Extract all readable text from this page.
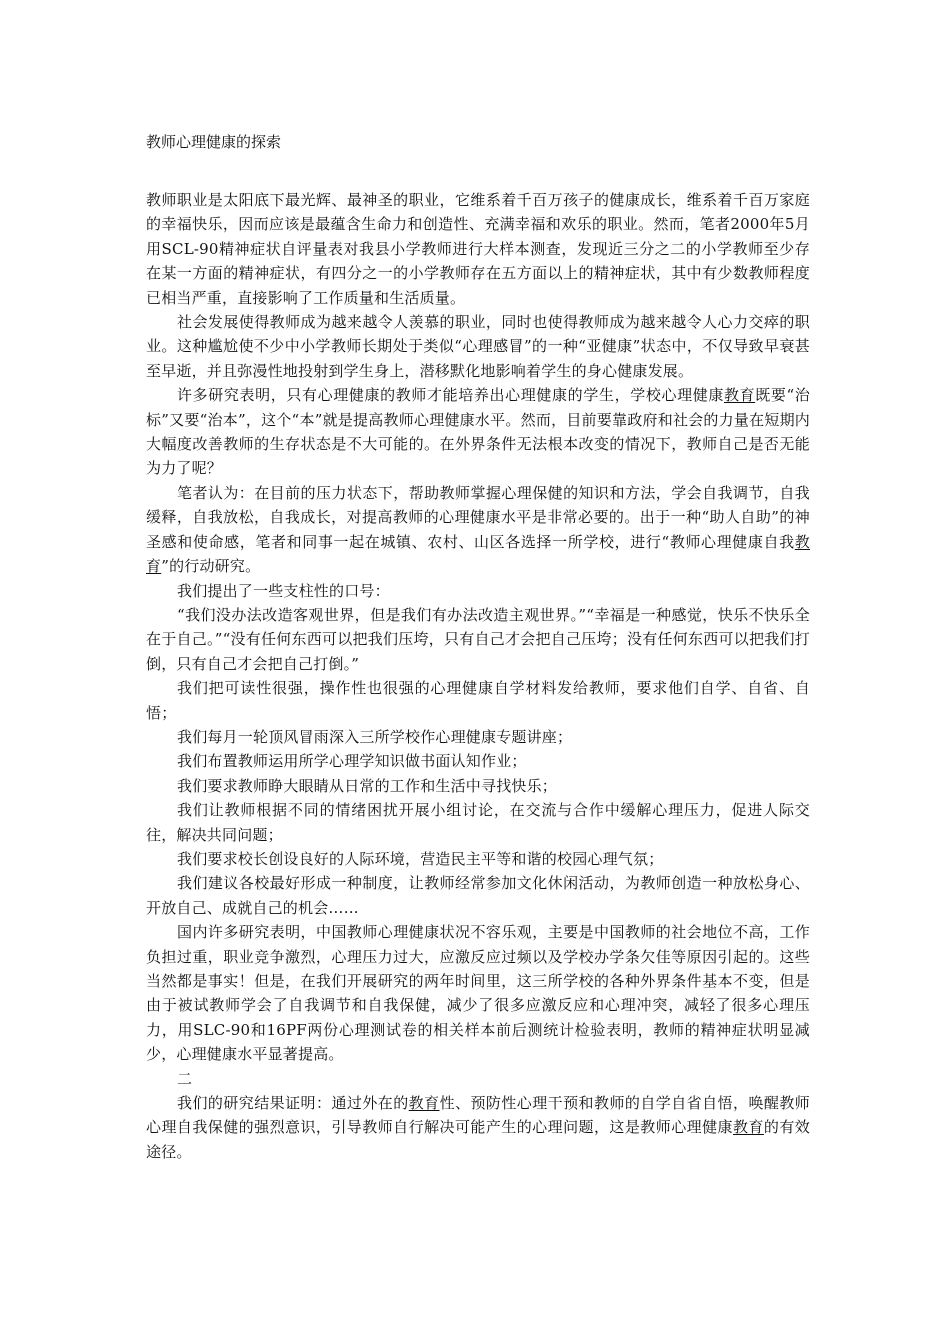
教师心理健康的探索

教师职业是太阳底下最光辉、最神圣的职业，它维系着千百万孩子的健康成长，维系着千百万家庭的幸福快乐，因而应该是最蕴含生命力和创造性、充满幸福和欢乐的职业。然而，笔者2000年5月用SCL-90精神症状自评量表对我县小学教师进行大样本测查，发现近三分之二的小学教师至少存在某一方面的精神症状，有四分之一的小学教师存在五方面以上的精神症状，其中有少数教师程度已相当严重，直接影响了工作质量和生活质量。

社会发展使得教师成为越来越令人羡慕的职业，同时也使得教师成为越来越令人心力交瘁的职业。这种尴尬使不少中小学教师长期处于类似“心理感冒”的一种“亚健康”状态中，不仅导致早衰甚至早逝，并且弥漫性地投射到学生身上，潜移默化地影响着学生的身心健康发展。

许多研究表明，只有心理健康的教师才能培养出心理健康的学生，学校心理健康教育既要“治标”又要“治本”，这个“本”就是提高教师心理健康水平。然而，目前要靠政府和社会的力量在短期内大幅度改善教师的生存状态是不大可能的。在外界条件无法根本改变的情况下，教师自己是否无能为力了呢？

笔者认为：在目前的压力状态下，帮助教师掌握心理保健的知识和方法，学会自我调节，自我缓释，自我放松，自我成长，对提高教师的心理健康水平是非常必要的。出于一种“助人自助”的神圣感和使命感，笔者和同事一起在城镇、农村、山区各选择一所学校，进行“教师心理健康自我教育”的行动研究。

我们提出了一些支柱性的口号：

“我们没办法改造客观世界，但是我们有办法改造主观世界。”“幸福是一种感觉，快乐不快乐全在于自己。”“没有任何东西可以把我们压垮，只有自己才会把自己压垮；没有任何东西可以把我们打倒，只有自己才会把自己打倒。”

我们把可读性很强，操作性也很强的心理健康自学材料发给教师，要求他们自学、自省、自悟；

我们每月一轮顶风冒雨深入三所学校作心理健康专题讲座；

我们布置教师运用所学心理学知识做书面认知作业；

我们要求教师睁大眼睛从日常的工作和生活中寻找快乐；

我们让教师根据不同的情绪困扰开展小组讨论，在交流与合作中缓解心理压力，促进人际交往，解决共同问题；

我们要求校长创设良好的人际环境，营造民主平等和谐的校园心理气氛；

我们建议各校最好形成一种制度，让教师经常参加文化休闲活动，为教师创造一种放松身心、开放自己、成就自己的机会……

国内许多研究表明，中国教师心理健康状况不容乐观，主要是中国教师的社会地位不高，工作负担过重，职业竞争激烈，心理压力过大，应激反应过频以及学校办学条欠佳等原因引起的。这些当然都是事实！但是，在我们开展研究的两年时间里，这三所学校的各种外界条件基本不变，但是由于被试教师学会了自我调节和自我保健，减少了很多应激反应和心理冲突，减轻了很多心理压力，用SLC-90和16PF两份心理测试卷的相关样本前后测统计检验表明，教师的精神症状明显减少，心理健康水平显著提高。

二

我们的研究结果证明：通过外在的教育性、预防性心理干预和教师的自学自省自悟，唤醒教师心理自我保健的强烈意识，引导教师自行解决可能产生的心理问题，这是教师心理健康教育的有效途径。
